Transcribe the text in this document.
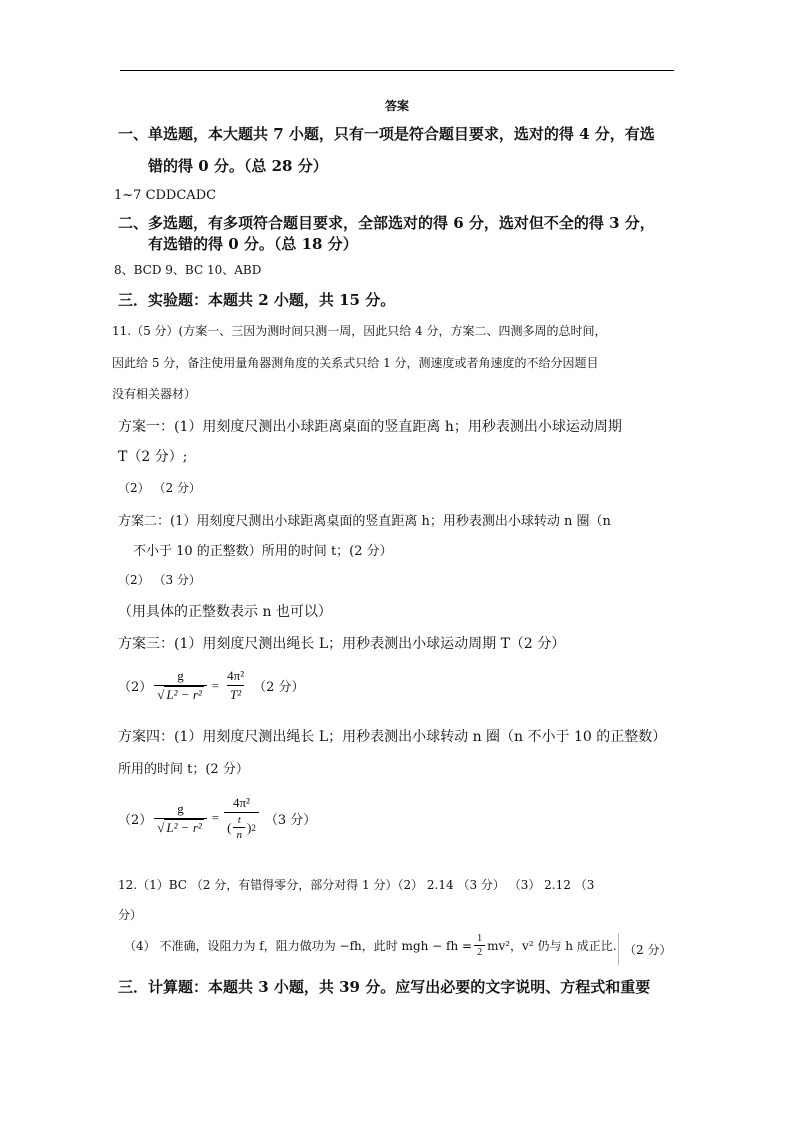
答案
一、单选题，本大题共 7 小题，只有一项是符合题目要求，选对的得 4 分，有选
错的得 0 分。（总 28 分）
1~7 CDDCADC
二、多选题，有多项符合题目要求，全部选对的得 6 分，选对但不全的得 3 分，
有选错的得 0 分。（总 18 分）
8、BCD 9、BC 10、ABD
三．实验题：本题共 2 小题，共 15 分。
11.（5 分）(方案一、三因为测时间只测一周，因此只给 4 分，方案二、四测多周的总时间，
因此给 5 分，备注使用量角器测角度的关系式只给 1 分，测速度或者角速度的不给分因题目
没有相关器材）
方案一：(1）用刻度尺测出小球距离桌面的竖直距离 h；用秒表测出小球运动周期
T（2 分）;
（2） （2 分）
方案二：(1）用刻度尺测出小球距离桌面的竖直距离 h；用秒表测出小球转动 n 圈（n
不小于 10 的正整数）所用的时间 t；(2 分）
（2） （3 分）
（用具体的正整数表示 n 也可以）
方案三：(1）用刻度尺测出绳长 L；用秒表测出小球运动周期 T（2 分）
$(2) \frac{g}{\text{√ L² − r²}} = \frac{\text{4π²}}{\text{T²}} (2$ 分）
方案四：(1）用刻度尺测出绳长 L；用秒表测出小球转动 n 圈（n 不小于 10 的正整数）
所用的时间 t；(2 分）
$(2) \frac{g}{\text{√ L² − r²}} = \frac{\text{4π²}}{( \frac{t}{n} ) 2} (3$ 分）
12.（1）BC （2 分，有错得零分，部分对得 1 分）（2） 2.14 （3 分） （3） 2.12 （3
分）
（4） 不准确，设阻力为 f，阻力做功为 −fh，此时 mgh − fh = $\frac{1}{2} mv^2$，v² 仍与 h 成正比. （2 分）
三．计算题：本题共 3 小题，共 39 分。应写出必要的文字说明、方程式和重要
